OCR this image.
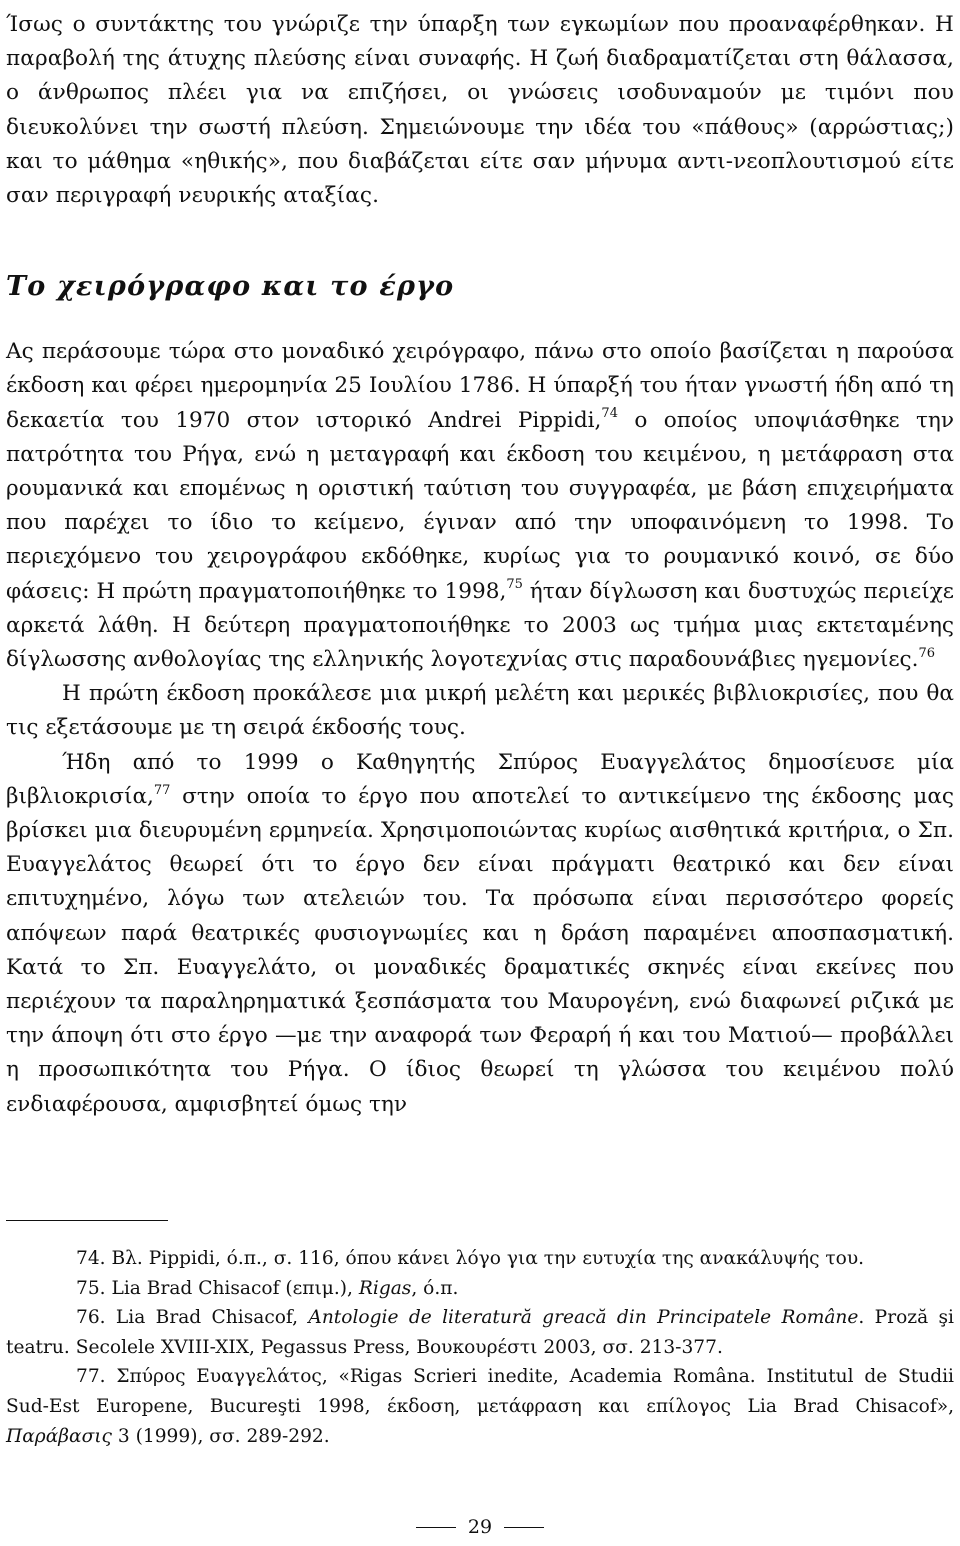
Ίσως ο συντάκτης του γνώριζε την ύπαρξη των εγκωμίων που προαναφέρθηκαν. Η παραβολή της άτυχης πλεύσης είναι συναφής. Η ζωή διαδραματίζεται στη θάλασσα, ο άνθρωπος πλέει για να επιζήσει, οι γνώσεις ισοδυναμούν με τιμόνι που διευκολύνει την σωστή πλεύση. Σημειώνουμε την ιδέα του «πάθους» (αρρώστιας;) και το μάθημα «ηθικής», που διαβάζεται είτε σαν μήνυμα αντι-νεοπλουτισμού είτε σαν περιγραφή νευρικής αταξίας.

Το χειρόγραφο και το έργο

Ας περάσουμε τώρα στο μοναδικό χειρόγραφο, πάνω στο οποίο βασίζεται η παρούσα έκδοση και φέρει ημερομηνία 25 Ιουλίου 1786. Η ύπαρξή του ήταν γνωστή ήδη από τη δεκαετία του 1970 στον ιστορικό Andrei Pippidi,$^{74}$ ο οποίος υποψιάσθηκε την πατρότητα του Ρήγα, ενώ η μεταγραφή και έκδοση του κειμένου, η μετάφραση στα ρουμανικά και επομένως η οριστική ταύτιση του συγγραφέα, με βάση επιχειρήματα που παρέχει το ίδιο το κείμενο, έγιναν από την υποφαινόμενη το 1998. Το περιεχόμενο του χειρογράφου εκδόθηκε, κυρίως για το ρουμανικό κοινό, σε δύο φάσεις: Η πρώτη πραγματοποιήθηκε το 1998,75 ήταν δίγλωσση και δυστυχώς περιείχε αρκετά λάθη. Η δεύτερη πραγματοποιήθηκε το 2003 ως τμήμα μιας εκτεταμένης δίγλωσσης ανθολογίας της ελληνικής λογοτεχνίας στις παραδουνάβιες ηγεμονίες.$^{76}$

Η πρώτη έκδοση προκάλεσε μια μικρή μελέτη και μερικές βιβλιοκρισίες, που θα τις εξετάσουμε με τη σειρά έκδοσής τους.

Ήδη από το 1999 ο Καθηγητής Σπύρος Ευαγγελάτος δημοσίευσε μία βιβλιοκρισία,$^{77}$ στην οποία το έργο που αποτελεί το αντικείμενο της έκδοσης μας βρίσκει μια διευρυμένη ερμηνεία. Χρησιμοποιώντας κυρίως αισθητικά κριτήρια, ο Σπ. Ευαγγελάτος θεωρεί ότι το έργο δεν είναι πράγματι θεατρικό και δεν είναι επιτυχημένο, λόγω των ατελειών του. Τα πρόσωπα είναι περισσότερο φορείς απόψεων παρά θεατρικές φυσιογνωμίες και η δράση παραμένει αποσπασματική. Κατά το Σπ. Ευαγγελάτο, οι μοναδικές δραματικές σκηνές είναι εκείνες που περιέχουν τα παραληρηματικά ξεσπάσματα του Μαυρογένη, ενώ διαφωνεί ριζικά με την άποψη ότι στο έργο —με την αναφορά των Φεραρή ή και του Ματιού— προβάλλει η προσωπικότητα του Ρήγα. Ο ίδιος θεωρεί τη γλώσσα του κειμένου πολύ ενδιαφέρουσα, αμφισβητεί όμως την

74. Βλ. Pippidi, ό.π., σ. 116, όπου κάνει λόγο για την ευτυχία της ανακάλυψής του.

75. Lia Brad Chisacof (επιμ.), Rigas, ό.π.

76. Lia Brad Chisacof, Antologie de literatură greacă din Principatele Române. Proză şi teatru. Secolele XVIII-XIX, Pegassus Press, Βουκουρέστι 2003, σσ. 213-377.

77. Σπύρος Ευαγγελάτος, «Rigas Scrieri inedite, Academia Româna. Institutul de Studii Sud-Est Europene, Bucureşti 1998, έκδοση, μετάφραση και επίλογος Lia Brad Chisacof», Παράβασις 3 (1999), σσ. 289-292.

29
